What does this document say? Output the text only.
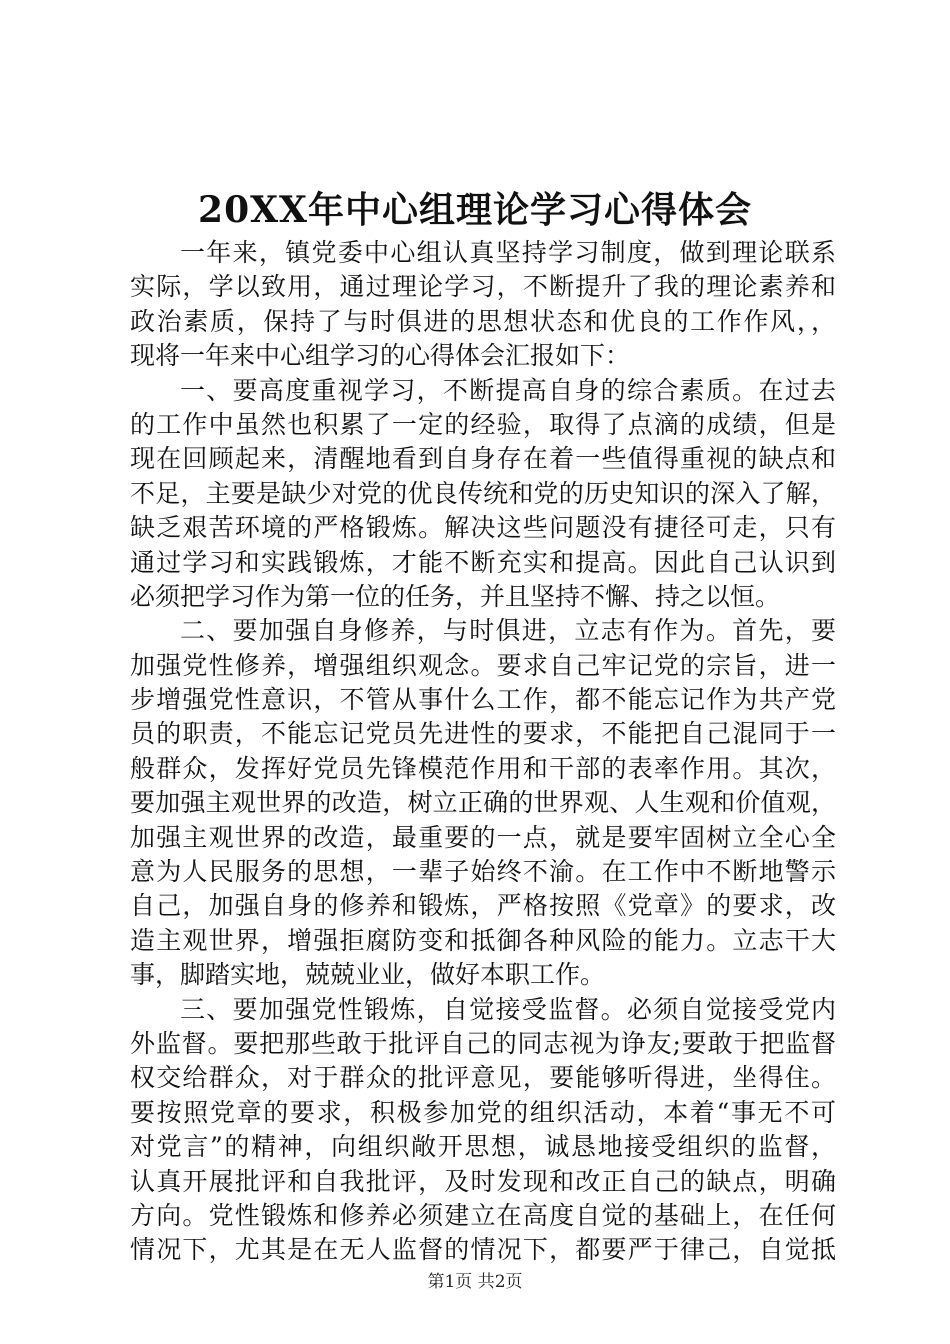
20XX年中心组理论学习心得体会
一年来，镇党委中心组认真坚持学习制度，做到理论联系
实际，学以致用，通过理论学习，不断提升了我的理论素养和
政治素质，保持了与时俱进的思想状态和优良的工作作风，，
现将一年来中心组学习的心得体会汇报如下：
一、要高度重视学习，不断提高自身的综合素质。在过去
的工作中虽然也积累了一定的经验，取得了点滴的成绩，但是
现在回顾起来，清醒地看到自身存在着一些值得重视的缺点和
不足，主要是缺少对党的优良传统和党的历史知识的深入了解，
缺乏艰苦环境的严格锻炼。解决这些问题没有捷径可走，只有
通过学习和实践锻炼，才能不断充实和提高。因此自己认识到
必须把学习作为第一位的任务，并且坚持不懈、持之以恒。
二、要加强自身修养，与时俱进，立志有作为。首先，要
加强党性修养，增强组织观念。要求自己牢记党的宗旨，进一
步增强党性意识，不管从事什么工作，都不能忘记作为共产党
员的职责，不能忘记党员先进性的要求，不能把自己混同于一
般群众，发挥好党员先锋模范作用和干部的表率作用。其次，
要加强主观世界的改造，树立正确的世界观、人生观和价值观，
加强主观世界的改造，最重要的一点，就是要牢固树立全心全
意为人民服务的思想，一辈子始终不渝。在工作中不断地警示
自己，加强自身的修养和锻炼，严格按照《党章》的要求，改
造主观世界，增强拒腐防变和抵御各种风险的能力。立志干大
事，脚踏实地，兢兢业业，做好本职工作。
三、要加强党性锻炼，自觉接受监督。必须自觉接受党内
外监督。要把那些敢于批评自己的同志视为诤友;要敢于把监督
权交给群众，对于群众的批评意见，要能够听得进，坐得住。
要按照党章的要求，积极参加党的组织活动，本着“事无不可
对党言”的精神，向组织敞开思想，诚恳地接受组织的监督，
认真开展批评和自我批评，及时发现和改正自己的缺点，明确
方向。党性锻炼和修养必须建立在高度自觉的基础上，在任何
情况下，尤其是在无人监督的情况下，都要严于律己，自觉抵
第1页 共2页
